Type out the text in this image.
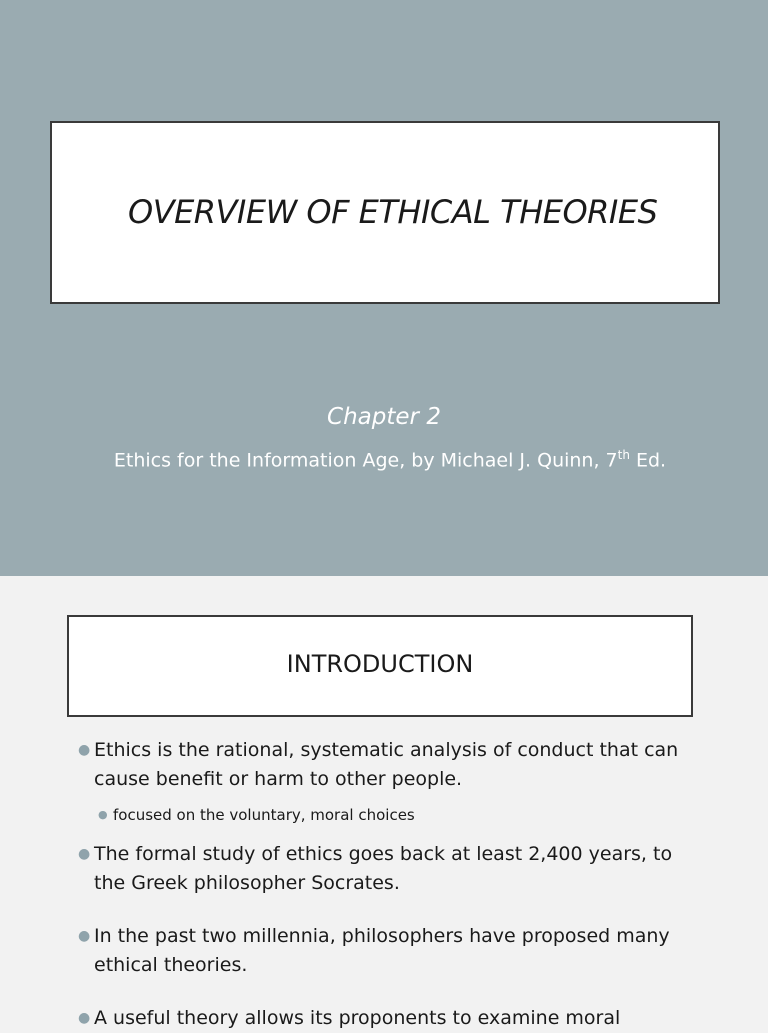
OVERVIEW OF ETHICAL THEORIES
Chapter 2
Ethics for the Information Age, by Michael J. Quinn, 7th Ed.
INTRODUCTION
● Ethics is the rational, systematic analysis of conduct that can cause benefit or harm to other people.
● focused on the voluntary, moral choices
● The formal study of ethics goes back at least 2,400 years, to the Greek philosopher Socrates.
● In the past two millennia, philosophers have proposed many ethical theories.
● A useful theory allows its proponents to examine moral
